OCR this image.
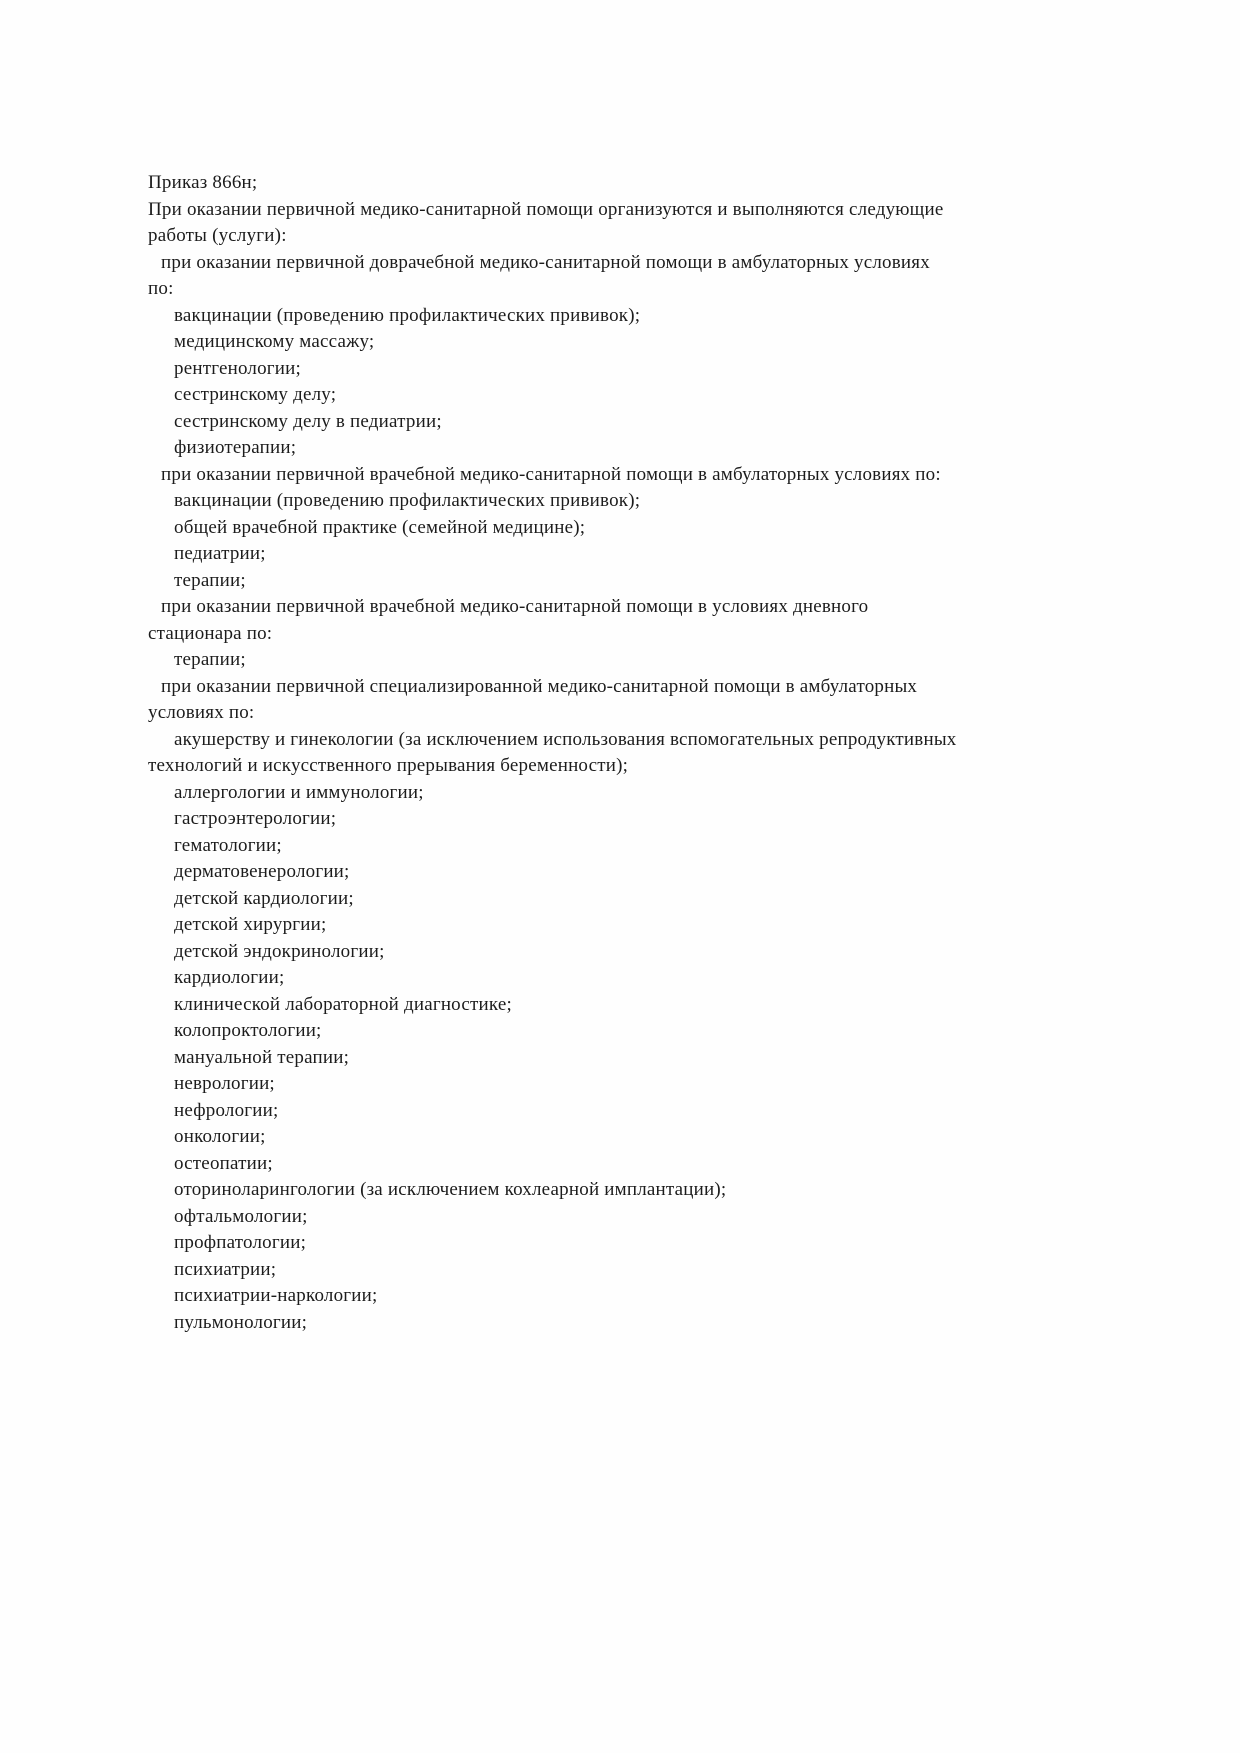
Приказ 866н;
При оказании первичной медико-санитарной помощи организуются и выполняются следующие
работы (услуги):
при оказании первичной доврачебной медико-санитарной помощи в амбулаторных условиях
по:
вакцинации (проведению профилактических прививок);
медицинскому массажу;
рентгенологии;
сестринскому делу;
сестринскому делу в педиатрии;
физиотерапии;
при оказании первичной врачебной медико-санитарной помощи в амбулаторных условиях по:
вакцинации (проведению профилактических прививок);
общей врачебной практике (семейной медицине);
педиатрии;
терапии;
при оказании первичной врачебной медико-санитарной помощи в условиях дневного
стационара по:
терапии;
при оказании первичной специализированной медико-санитарной помощи в амбулаторных
условиях по:
акушерству и гинекологии (за исключением использования вспомогательных репродуктивных
технологий и искусственного прерывания беременности);
аллергологии и иммунологии;
гастроэнтерологии;
гематологии;
дерматовенерологии;
детской кардиологии;
детской хирургии;
детской эндокринологии;
кардиологии;
клинической лабораторной диагностике;
колопроктологии;
мануальной терапии;
неврологии;
нефрологии;
онкологии;
остеопатии;
оториноларингологии (за исключением кохлеарной имплантации);
офтальмологии;
профпатологии;
психиатрии;
психиатрии-наркологии;
пульмонологии;
